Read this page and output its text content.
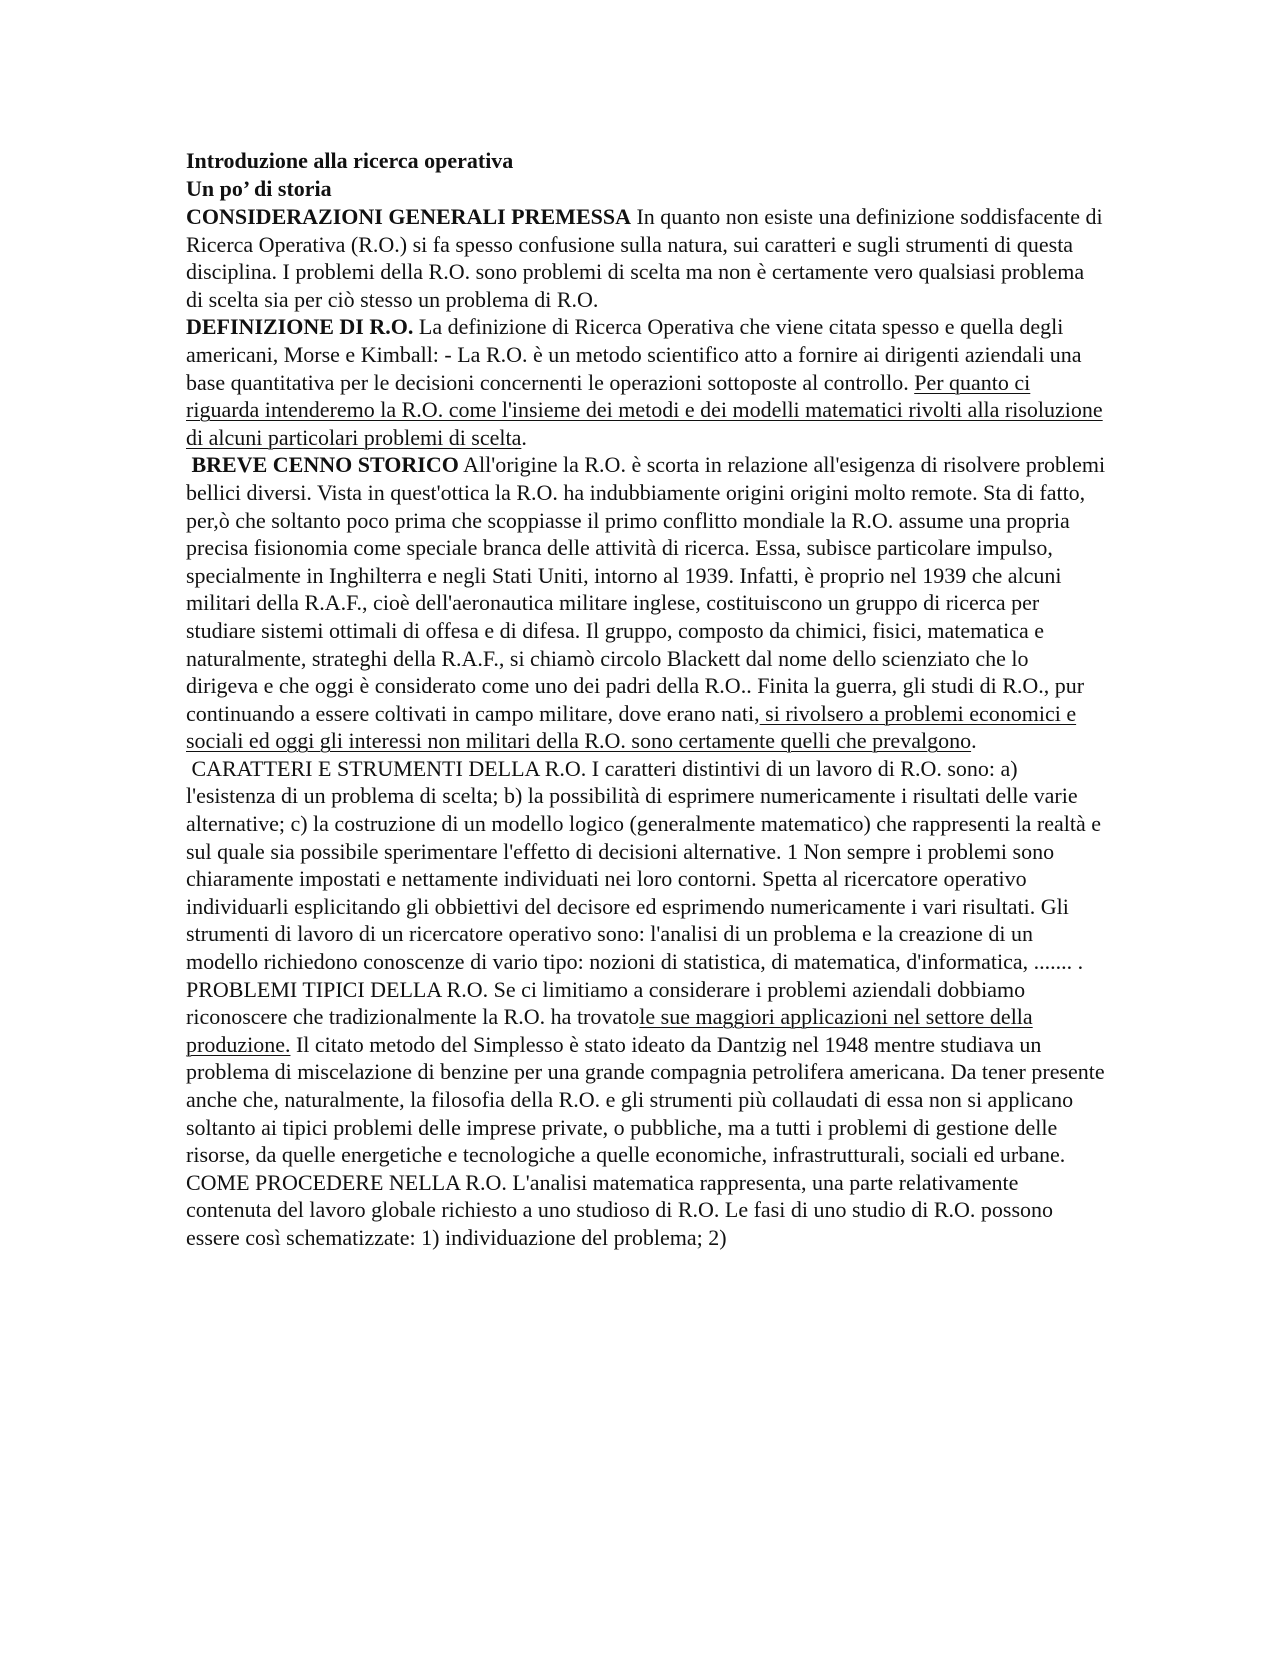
Introduzione alla ricerca operativa

Un po’ di storia

CONSIDERAZIONI GENERALI PREMESSA In quanto non esiste una definizione soddisfacente di Ricerca Operativa (R.O.) si fa spesso confusione sulla natura, sui caratteri e sugli strumenti di questa disciplina. I problemi della R.O. sono problemi di scelta ma non è certamente vero qualsiasi problema di scelta sia per ciò stesso un problema di R.O.

DEFINIZIONE DI R.O. La definizione di Ricerca Operativa che viene citata spesso e quella degli americani, Morse e Kimball: - La R.O. è un metodo scientifico atto a fornire ai dirigenti aziendali una base quantitativa per le decisioni concernenti le operazioni sottoposte al controllo. Per quanto ci riguarda intenderemo la R.O. come l'insieme dei metodi e dei modelli matematici rivolti alla risoluzione di alcuni particolari problemi di scelta.

BREVE CENNO STORICO All'origine la R.O. è scorta in relazione all'esigenza di risolvere problemi bellici diversi. Vista in quest'ottica la R.O. ha indubbiamente origini origini molto remote. Sta di fatto, per,ò che soltanto poco prima che scoppiasse il primo conflitto mondiale la R.O. assume una propria precisa fisionomia come speciale branca delle attività di ricerca. Essa, subisce particolare impulso, specialmente in Inghilterra e negli Stati Uniti, intorno al 1939. Infatti, è proprio nel 1939 che alcuni militari della R.A.F., cioè dell'aeronautica militare inglese, costituiscono un gruppo di ricerca per studiare sistemi ottimali di offesa e di difesa. Il gruppo, composto da chimici, fisici, matematica e naturalmente, strateghi della R.A.F., si chiamò circolo Blackett dal nome dello scienziato che lo dirigeva e che oggi è considerato come uno dei padri della R.O.. Finita la guerra, gli studi di R.O., pur continuando a essere coltivati in campo militare, dove erano nati, si rivolsero a problemi economici e sociali ed oggi gli interessi non militari della R.O. sono certamente quelli che prevalgono.

CARATTERI E STRUMENTI DELLA R.O. I caratteri distintivi di un lavoro di R.O. sono: a) l'esistenza di un problema di scelta; b) la possibilità di esprimere numericamente i risultati delle varie alternative; c) la costruzione di un modello logico (generalmente matematico) che rappresenti la realtà e sul quale sia possibile sperimentare l'effetto di decisioni alternative. 1 Non sempre i problemi sono chiaramente impostati e nettamente individuati nei loro contorni. Spetta al ricercatore operativo individuarli esplicitando gli obbiettivi del decisore ed esprimendo numericamente i vari risultati. Gli strumenti di lavoro di un ricercatore operativo sono: l'analisi di un problema e la creazione di un modello richiedono conoscenze di vario tipo: nozioni di statistica, di matematica, d'informatica, ....... .

PROBLEMI TIPICI DELLA R.O. Se ci limitiamo a considerare i problemi aziendali dobbiamo riconoscere che tradizionalmente la R.O. ha trovatole sue maggiori applicazioni nel settore della produzione. Il citato metodo del Simplesso è stato ideato da Dantzig nel 1948 mentre studiava un problema di miscelazione di benzine per una grande compagnia petrolifera americana. Da tener presente anche che, naturalmente, la filosofia della R.O. e gli strumenti più collaudati di essa non si applicano soltanto ai tipici problemi delle imprese private, o pubbliche, ma a tutti i problemi di gestione delle risorse, da quelle energetiche e tecnologiche a quelle economiche, infrastrutturali, sociali ed urbane.

COME PROCEDERE NELLA R.O. L'analisi matematica rappresenta, una parte relativamente contenuta del lavoro globale richiesto a uno studioso di R.O. Le fasi di uno studio di R.O. possono essere così schematizzate: 1) individuazione del problema; 2)
